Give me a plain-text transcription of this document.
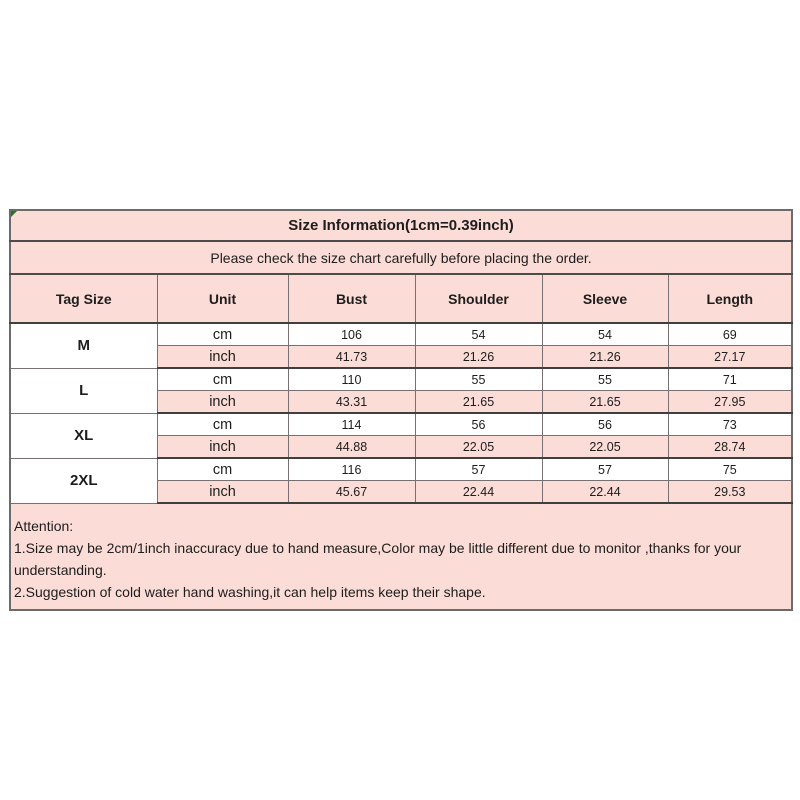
Size Information(1cm=0.39inch)					
Please check the size chart carefully before placing the order.					
Tag Size	Unit	Bust	Shoulder	Sleeve	Length
M	cm	106	54	54	69
	inch	41.73	21.26	21.26	27.17
L	cm	110	55	55	71
	inch	43.31	21.65	21.65	27.95
XL	cm	114	56	56	73
	inch	44.88	22.05	22.05	28.74
2XL	cm	116	57	57	75
	inch	45.67	22.44	22.44	29.53

Attention:
1.Size may be 2cm/1inch inaccuracy due to hand measure,Color may be little different due to monitor ,thanks for your understanding.
2.Suggestion of cold water hand washing,it can help items keep their shape.					
